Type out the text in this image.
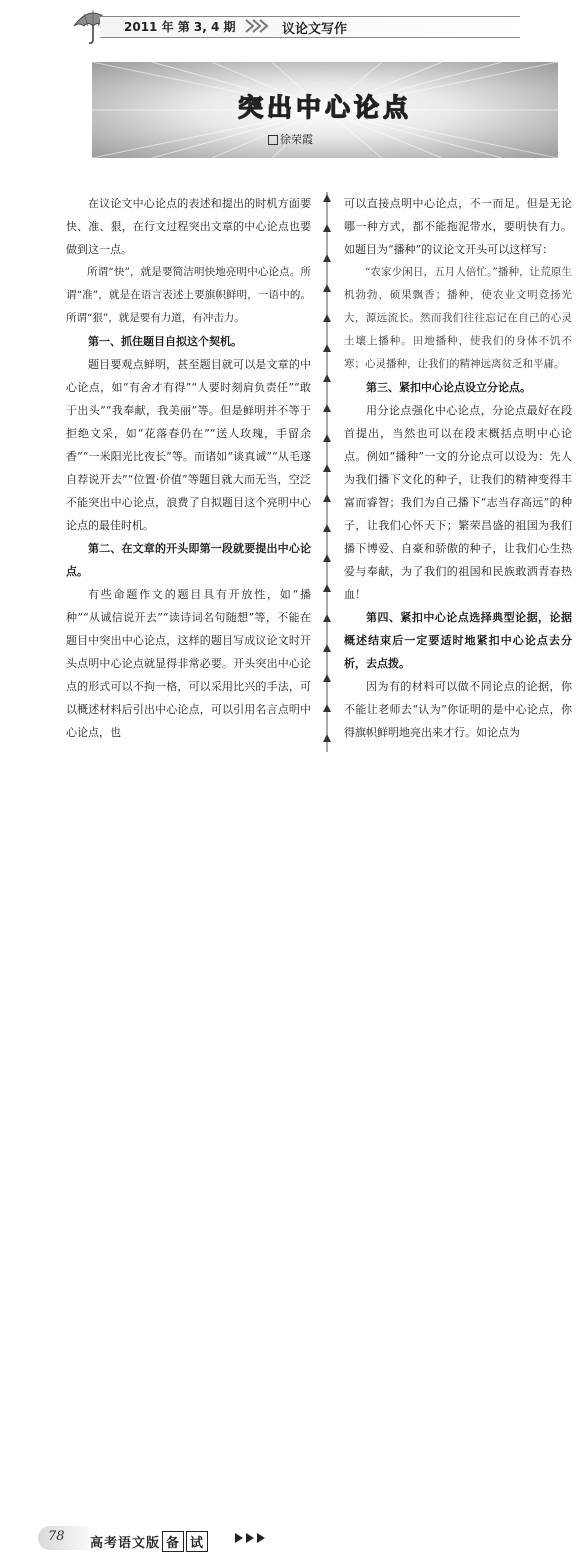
2011 年 第 3, 4 期	议论文写作
突出中心论点
徐荣霞

在议论文中心论点的表述和提出的时机方面要快、准、狠，在行文过程突出文章的中心论点也要做到这一点。

所谓“快”，就是要简洁明快地亮明中心论点。所谓“准”，就是在语言表述上要旗帜鲜明，一语中的。所谓“狠”，就是要有力道，有冲击力。

第一、抓住题目自拟这个契机。

题目要观点鲜明，甚至题目就可以是文章的中心论点，如“有舍才有得”“人要时刻肩负责任”“敢于出头”“我奉献，我美丽”等。但是鲜明并不等于拒绝文采，如“花落春仍在”“送人玫瑰，手留余香”“一米阳光比夜长”等。而诸如“谈真诚”“从毛遂自荐说开去”“位置·价值”等题目就大而无当，空泛不能突出中心论点，浪费了自拟题目这个亮明中心论点的最佳时机。

第二、在文章的开头即第一段就要提出中心论点。

有些命题作文的题目具有开放性，如“播种”“从诚信说开去”“读诗词名句随想”等，不能在题目中突出中心论点，这样的题目写成议论文时开头点明中心论点就显得非常必要。开头突出中心论点的形式可以不拘一格，可以采用比兴的手法，可以概述材料后引出中心论点，可以引用名言点明中心论点，也

可以直接点明中心论点，不一而足。但是无论哪一种方式，都不能拖泥带水，要明快有力。如题目为“播种”的议论文开头可以这样写：

“农家少闲日，五月人倍忙。”播种，让荒原生机勃勃，硕果飘香；播种，使农业文明竞扬光大，源远流长。然而我们往往忘记在自己的心灵土壤上播种。田地播种，使我们的身体不饥不寒；心灵播种，让我们的精神远离贫乏和平庸。

第三、紧扣中心论点设立分论点。

用分论点强化中心论点，分论点最好在段首提出，当然也可以在段末概括点明中心论点。例如“播种”一文的分论点可以设为：先人为我们播下文化的种子，让我们的精神变得丰富而睿智；我们为自己播下“志当存高远”的种子，让我们心怀天下；繁荣昌盛的祖国为我们播下博爱、自豪和骄傲的种子，让我们心生热爱与奉献，为了我们的祖国和民族敢洒青春热血！

第四、紧扣中心论点选择典型论据，论据概述结束后一定要适时地紧扣中心论点去分析，去点拨。

因为有的材料可以做不同论点的论据，你不能让老师去“认为”你证明的是中心论点，你得旗帜鲜明地亮出来才行。如论点为

78 高考语文版 备 试
